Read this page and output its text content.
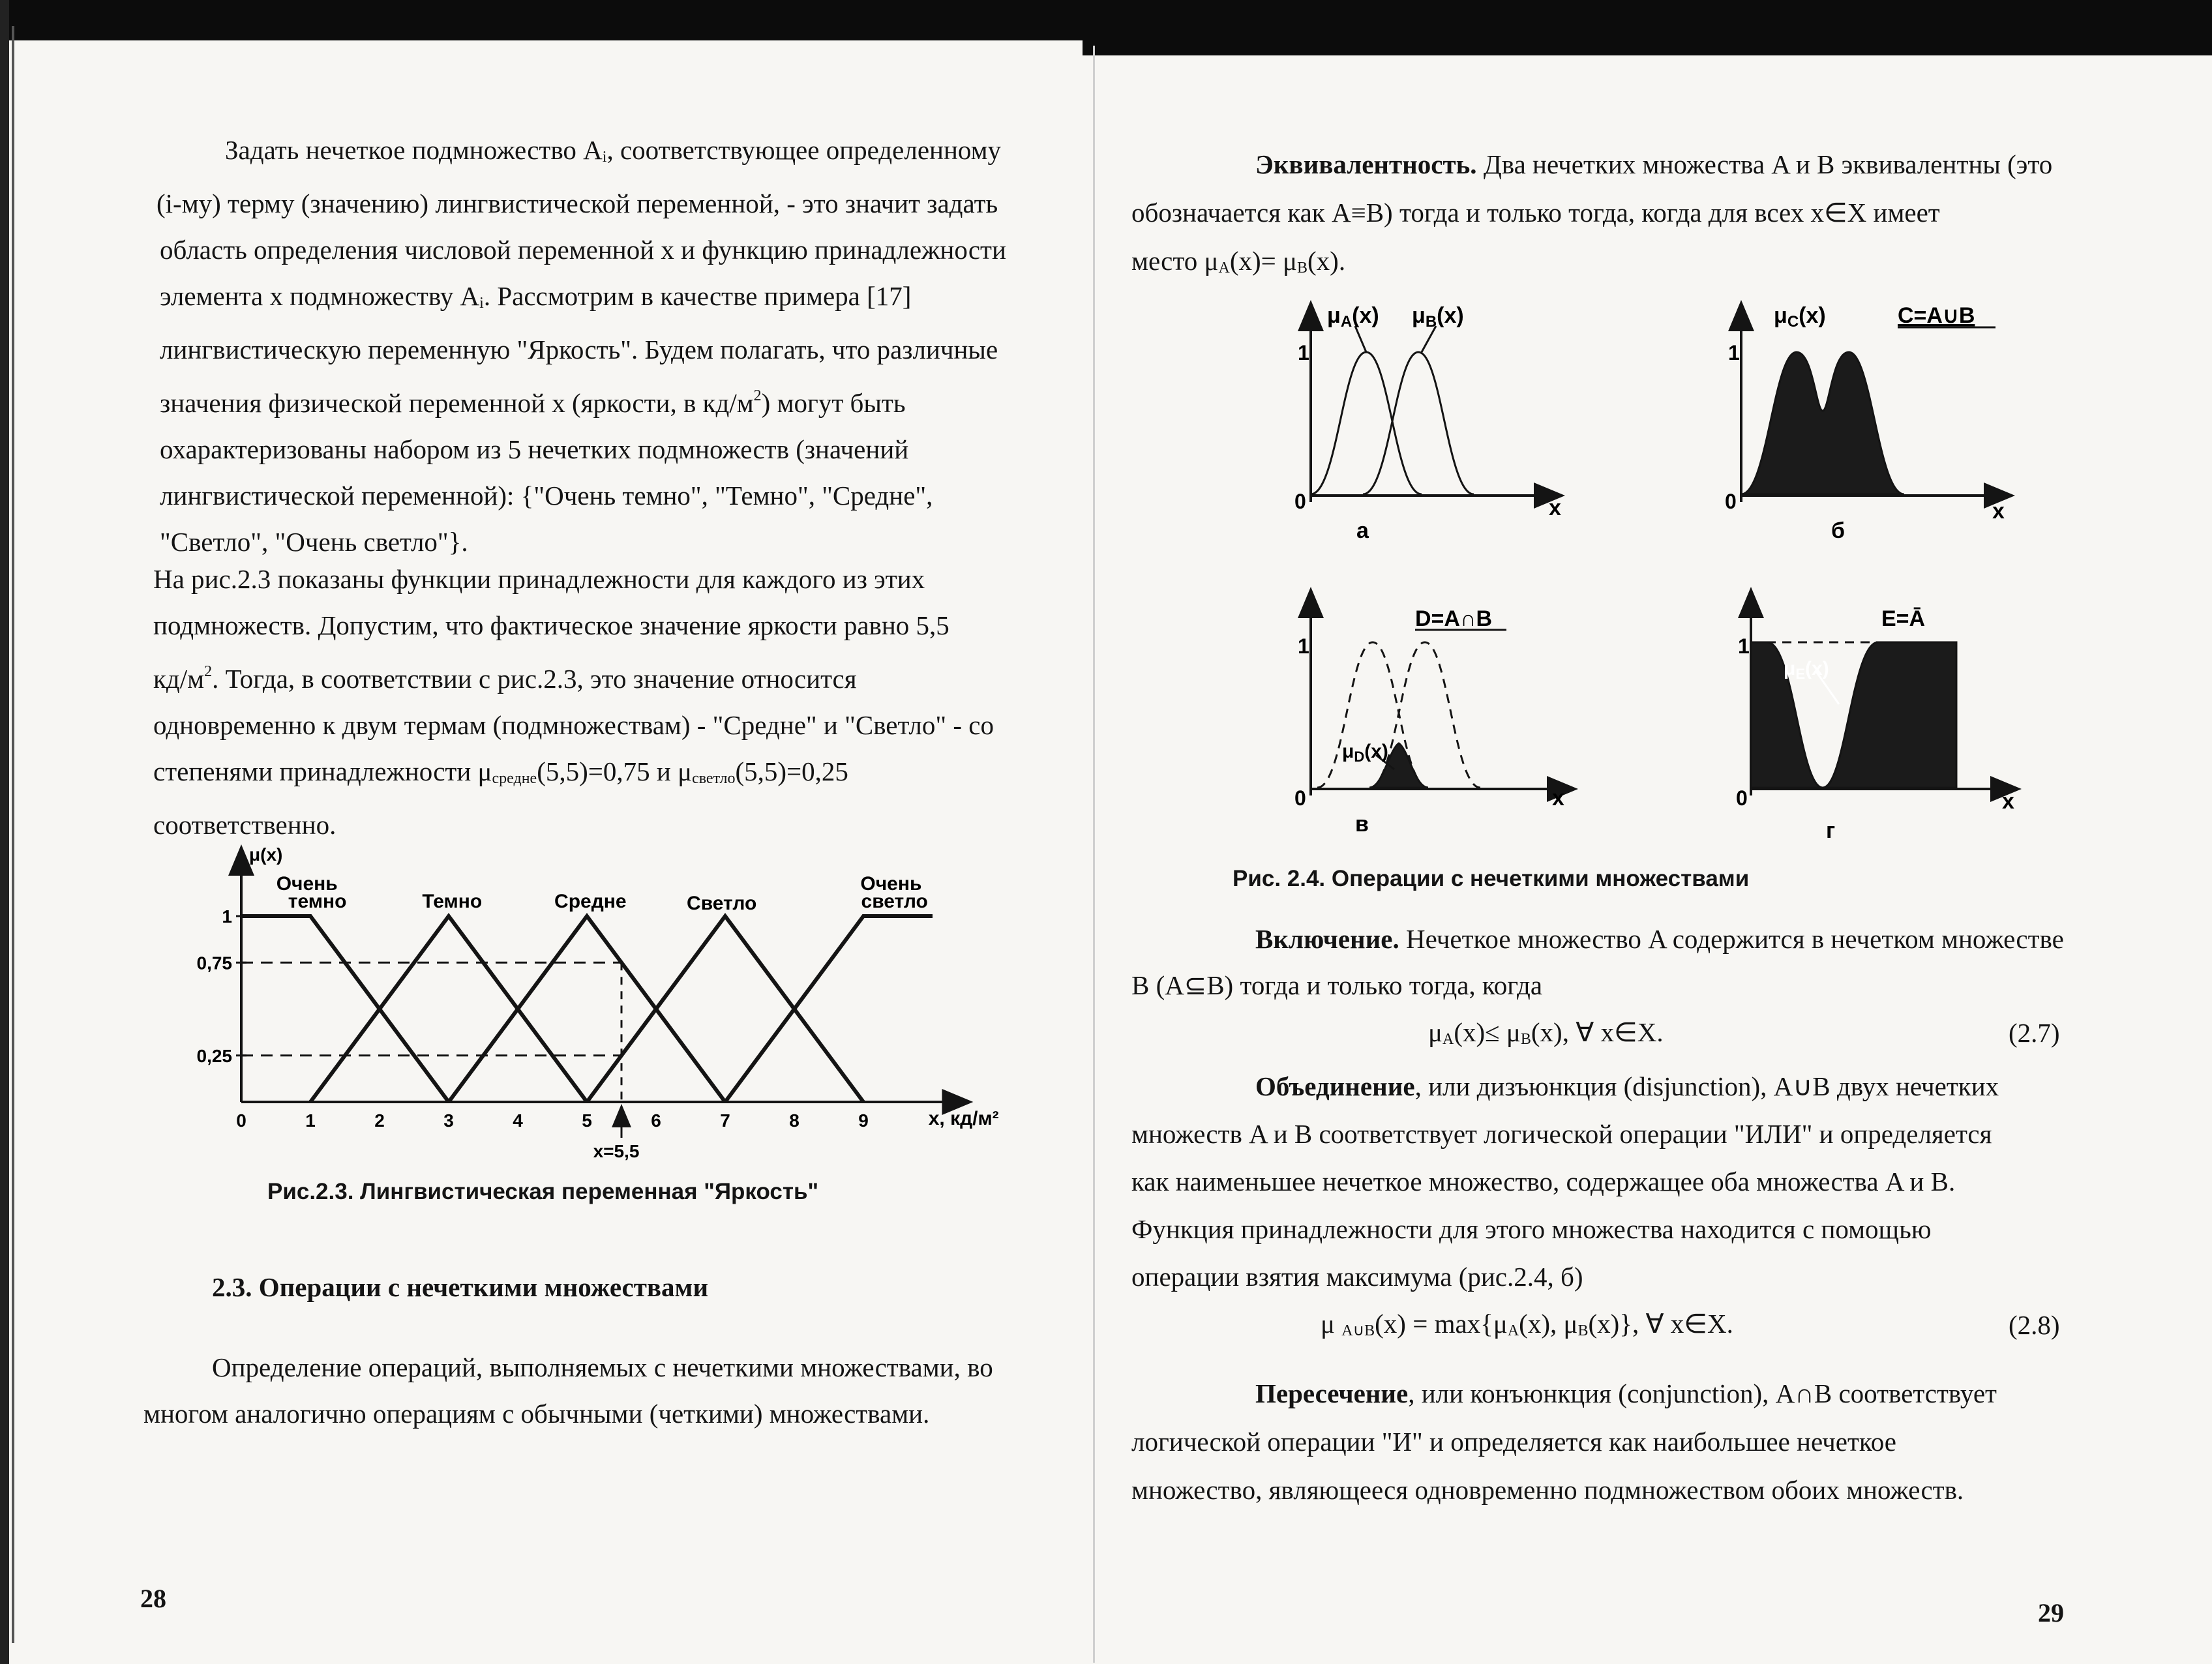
Задать нечеткое подмножество Ai, соответствующее определенному
(i-му) терму (значению) лингвистической переменной, - это значит задать
область определения числовой переменной x и функцию принадлежности
элемента x подмножеству Ai. Рассмотрим в качестве примера [17]
лингвистическую переменную "Яркость". Будем полагать, что различные
значения физической переменной x (яркости, в $кд/м^2$) могут быть
охарактеризованы набором из 5 нечетких подмножеств (значений
лингвистической переменной): {"Очень темно", "Темно", "Средне",
"Светло", "Очень светло"}.
На рис.2.3 показаны функции принадлежности для каждого из этих
подмножеств. Допустим, что фактическое значение яркости равно 5,5
$кд/м^2$. Тогда, в соответствии с рис.2.3, это значение относится
одновременно к двум термам (подмножествам) - "Средне" и "Светло" - со
степенями принадлежности μсредне(5,5)=0,75 и μсветло(5,5)=0,25
соответственно.
μ(x)
x, кд/м²
0	1	2	3	4	5	6	7	8	9
1
0,75
0,25
x=5,5
Очень
темно	Темно	Средне	Светло
Очень
светло
Рис.2.3. Лингвистическая переменная "Яркость"
2.3. Операции с нечеткими множествами
Определение операций, выполняемых с нечеткими множествами, во
многом аналогично операциям с обычными (четкими) множествами.
28
Эквивалентность. Два нечетких множества A и B эквивалентны (это
обозначается как A≡B) тогда и только тогда, когда для всех x∈X имеет
место μA(x)= μB(x).
1
0	x
μA(x) μB(x)
а
1
0	x
μC(x)	C=A∪B
б
1
0	x
D=A∩B
$\mu_D(x)$
в
1
0	x
E=Ā
$\mu_E(x)$
г
Рис. 2.4. Операции с нечеткими множествами
Включение. Нечеткое множество A содержится в нечетком множестве
B (A⊆B) тогда и только тогда, когда
μA(x)≤ μB(x), ∀ x∈X.	(2.7)
Объединение, или дизъюнкция (disjunction), A∪B двух нечетких
множеств A и B соответствует логической операции "ИЛИ" и определяется
как наименьшее нечеткое множество, содержащее оба множества A и B.
Функция принадлежности для этого множества находится с помощью
операции взятия максимума (рис.2.4, б)
μ A∪B(x) = max{μA(x), μB(x)}, ∀ x∈X.	(2.8)
Пересечение, или конъюнкция (conjunction), A∩B соответствует
логической операции "И" и определяется как наибольшее нечеткое
множество, являющееся одновременно подмножеством обоих множеств.
29
